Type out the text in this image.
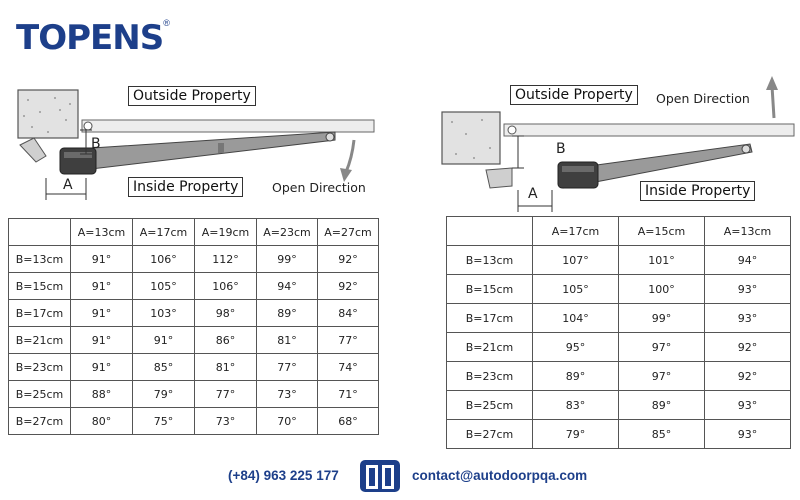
TOPENS®
Outside Property
Inside Property	Open Direction
B
A
Outside Property	Open Direction
Inside Property
B
A
	A=13cm	A=17cm	A=19cm	A=23cm	A=27cm
B=13cm	91°	106°	112°	99°	92°
B=15cm	91°	105°	106°	94°	92°
B=17cm	91°	103°	98°	89°	84°
B=21cm	91°	91°	86°	81°	77°
B=23cm	91°	85°	81°	77°	74°
B=25cm	88°	79°	77°	73°	71°
B=27cm	80°	75°	73°	70°	68°
	A=17cm	A=15cm	A=13cm
B=13cm	107°	101°	94°
B=15cm	105°	100°	93°
B=17cm	104°	99°	93°
B=21cm	95°	97°	92°
B=23cm	89°	97°	92°
B=25cm	83°	89°	93°
B=27cm	79°	85°	93°
(+84) 963 225 177	contact@autodoorpqa.com
